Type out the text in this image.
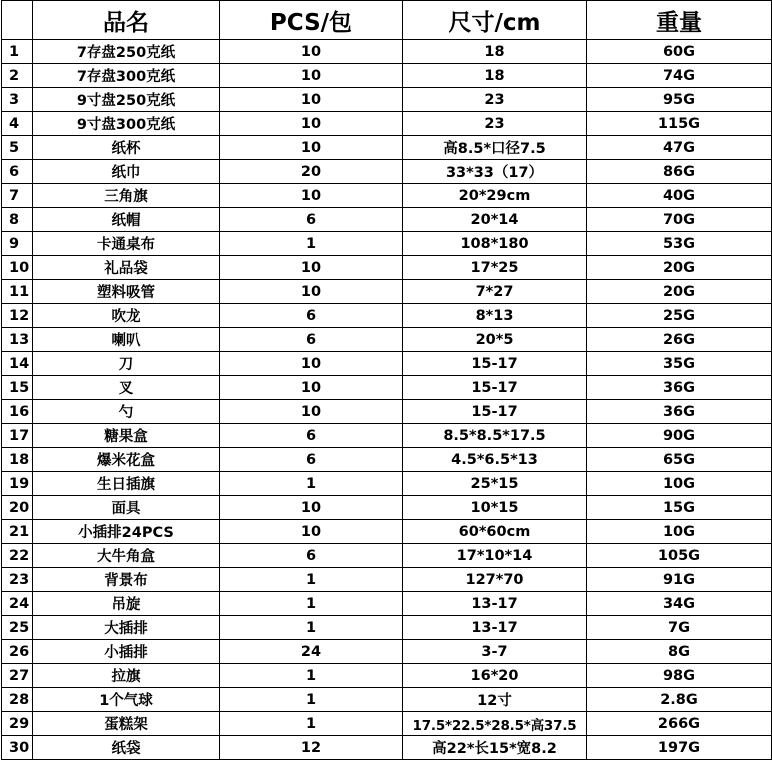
	品名	PCS/包	尺寸/cm	重量
1	7存盘250克纸	10	18	60G
2	7存盘300克纸	10	18	74G
3	9寸盘250克纸	10	23	95G
4	9寸盘300克纸	10	23	115G
5	纸杯	10	高8.5*口径7.5	47G
6	纸巾	20	33*33（17）	86G
7	三角旗	10	20*29cm	40G
8	纸帽	6	20*14	70G
9	卡通桌布	1	108*180	53G
10	礼品袋	10	17*25	20G
11	塑料吸管	10	7*27	20G
12	吹龙	6	8*13	25G
13	喇叭	6	20*5	26G
14	刀	10	15-17	35G
15	叉	10	15-17	36G
16	勺	10	15-17	36G
17	糖果盒	6	8.5*8.5*17.5	90G
18	爆米花盒	6	4.5*6.5*13	65G
19	生日插旗	1	25*15	10G
20	面具	10	10*15	15G
21	小插排24PCS	10	60*60cm	10G
22	大牛角盒	6	17*10*14	105G
23	背景布	1	127*70	91G
24	吊旋	1	13-17	34G
25	大插排	1	13-17	7G
26	小插排	24	3-7	8G
27	拉旗	1	16*20	98G
28	1个气球	1	12寸	2.8G
29	蛋糕架	1	17.5*22.5*28.5*高37.5	266G
30	纸袋	12	高22*长15*宽8.2	197G
